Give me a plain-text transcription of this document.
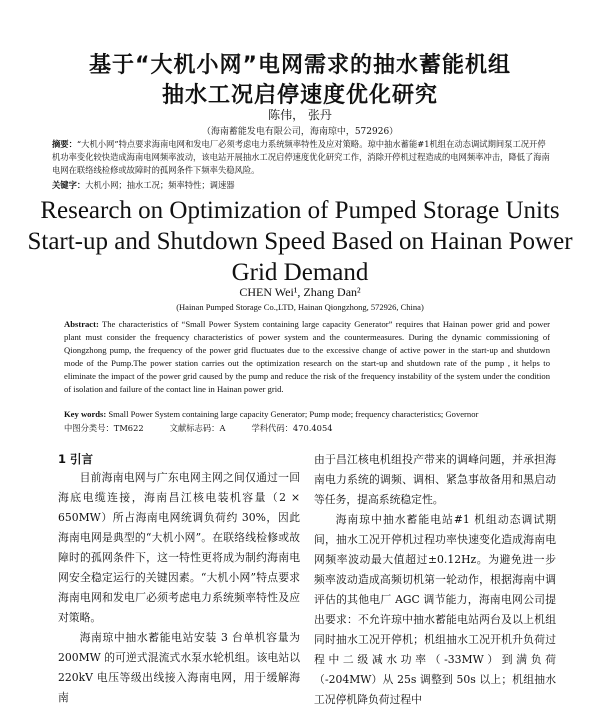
基于“大机小网”电网需求的抽水蓄能机组
抽水工况启停速度优化研究
陈伟， 张丹
（海南蓄能发电有限公司，海南琼中，572926）
摘要：“大机小网”特点要求海南电网和发电厂必须考虑电力系统频率特性及应对策略。琼中抽水蓄能#1机组在动态调试期间泵工况开停机功率变化较快造成海南电网频率波动，该电站开展抽水工况启停速度优化研究工作，消除开停机过程造成的电网频率冲击，降低了海南电网在联络线检修或故障时的孤网条件下频率失稳风险。
关键字：大机小网；抽水工况；频率特性；调速器
Research on Optimization of Pumped Storage Units
Start-up and Shutdown Speed Based on Hainan Power
Grid Demand
CHEN Wei¹, Zhang Dan²
(Hainan Pumped Storage Co.,LTD, Hainan Qiongzhong, 572926, China)
Abstract: The characteristics of “Small Power System containing large capacity Generator” requires that Hainan power grid and power plant must consider the frequency characteristics of power system and the countermeasures. During the dynamic commissioning of Qiongzhong pump, the frequency of the power grid fluctuates due to the excessive change of active power in the start-up and shutdown mode of the Pump.The power station carries out the optimization research on the start-up and shutdown rate of the pump , it helps to eliminate the impact of the power grid caused by the pump and reduce the risk of the frequency instability of the system under the condition of isolation and failure of the contact line in Hainan power grid.
Key words: Small Power System containing large capacity Generator; Pump mode; frequency characteristics; Governor
中图分类号：TM622	文献标志码：A	学科代码：470.4054
1 引言

目前海南电网与广东电网主网之间仅通过一回海底电缆连接，海南昌江核电装机容量（2 × 650MW）所占海南电网统调负荷约 30%，因此海南电网是典型的“大机小网”。在联络线检修或故障时的孤网条件下，这一特性更将成为制约海南电网安全稳定运行的关键因素。“大机小网”特点要求海南电网和发电厂必须考虑电力系统频率特性及应对策略。

海南琼中抽水蓄能电站安装 3 台单机容量为 200MW 的可逆式混流式水泵水轮机组。该电站以 220kV 电压等级出线接入海南电网，用于缓解海南

由于昌江核电机组投产带来的调峰问题，并承担海南电力系统的调频、调相、紧急事故备用和黑启动等任务，提高系统稳定性。

海南琼中抽水蓄能电站#1 机组动态调试期间，抽水工况开停机过程功率快速变化造成海南电网频率波动最大值超过±0.12Hz。为避免进一步频率波动造成高频切机第一轮动作，根据海南中调评估的其他电厂 AGC 调节能力，海南电网公司提出要求：不允许琼中抽水蓄能电站两台及以上机组同时抽水工况开停机；机组抽水工况开机升负荷过程中二级减水功率（-33MW）到满负荷（-204MW）从 25s 调整到 50s 以上；机组抽水工况停机降负荷过程中
